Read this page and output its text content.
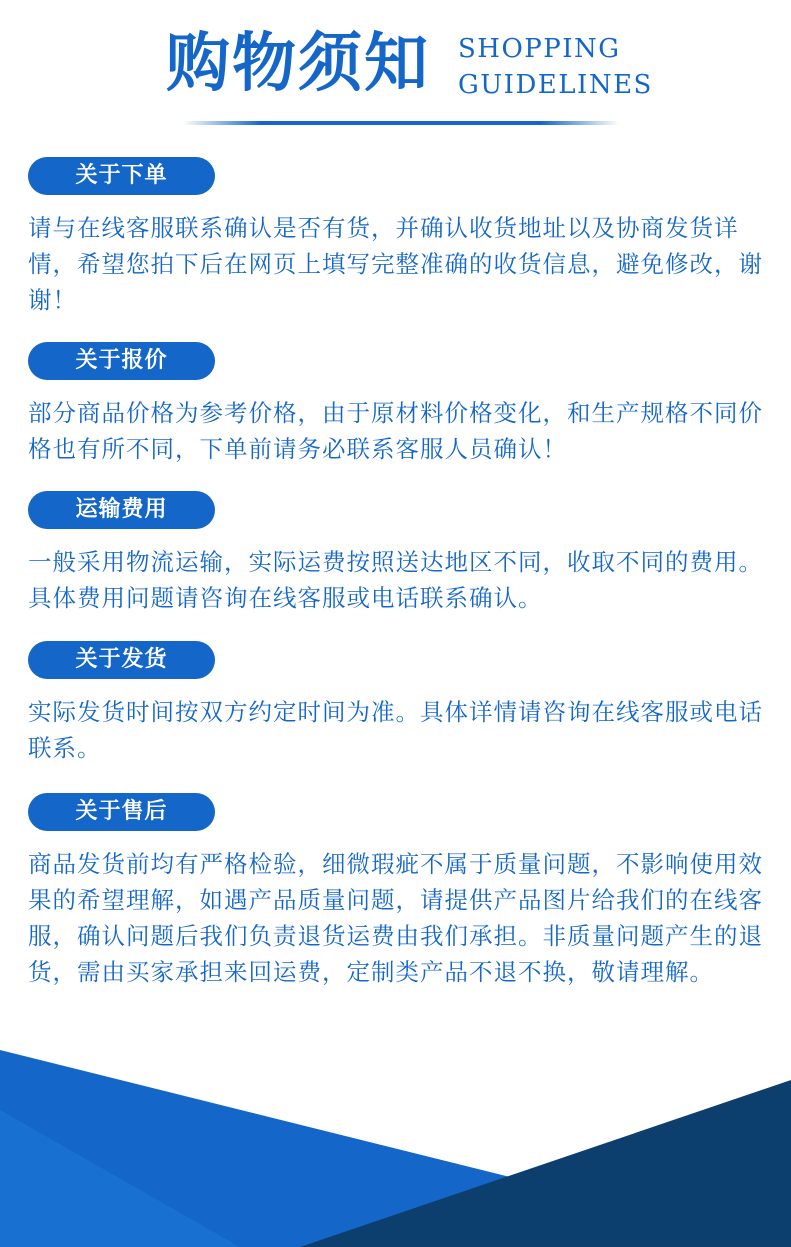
购物须知 SHOPPING
GUIDELINES
关于下单
请与在线客服联系确认是否有货，并确认收货地址以及协商发货详情，希望您拍下后在网页上填写完整准确的收货信息，避免修改，谢谢！
关于报价
部分商品价格为参考价格，由于原材料价格变化，和生产规格不同价格也有所不同，下单前请务必联系客服人员确认！
运输费用
一般采用物流运输，实际运费按照送达地区不同，收取不同的费用。具体费用问题请咨询在线客服或电话联系确认。
关于发货
实际发货时间按双方约定时间为准。具体详情请咨询在线客服或电话联系。
关于售后
商品发货前均有严格检验，细微瑕疵不属于质量问题，不影响使用效果的希望理解，如遇产品质量问题，请提供产品图片给我们的在线客服，确认问题后我们负责退货运费由我们承担。非质量问题产生的退货，需由买家承担来回运费，定制类产品不退不换，敬请理解。
